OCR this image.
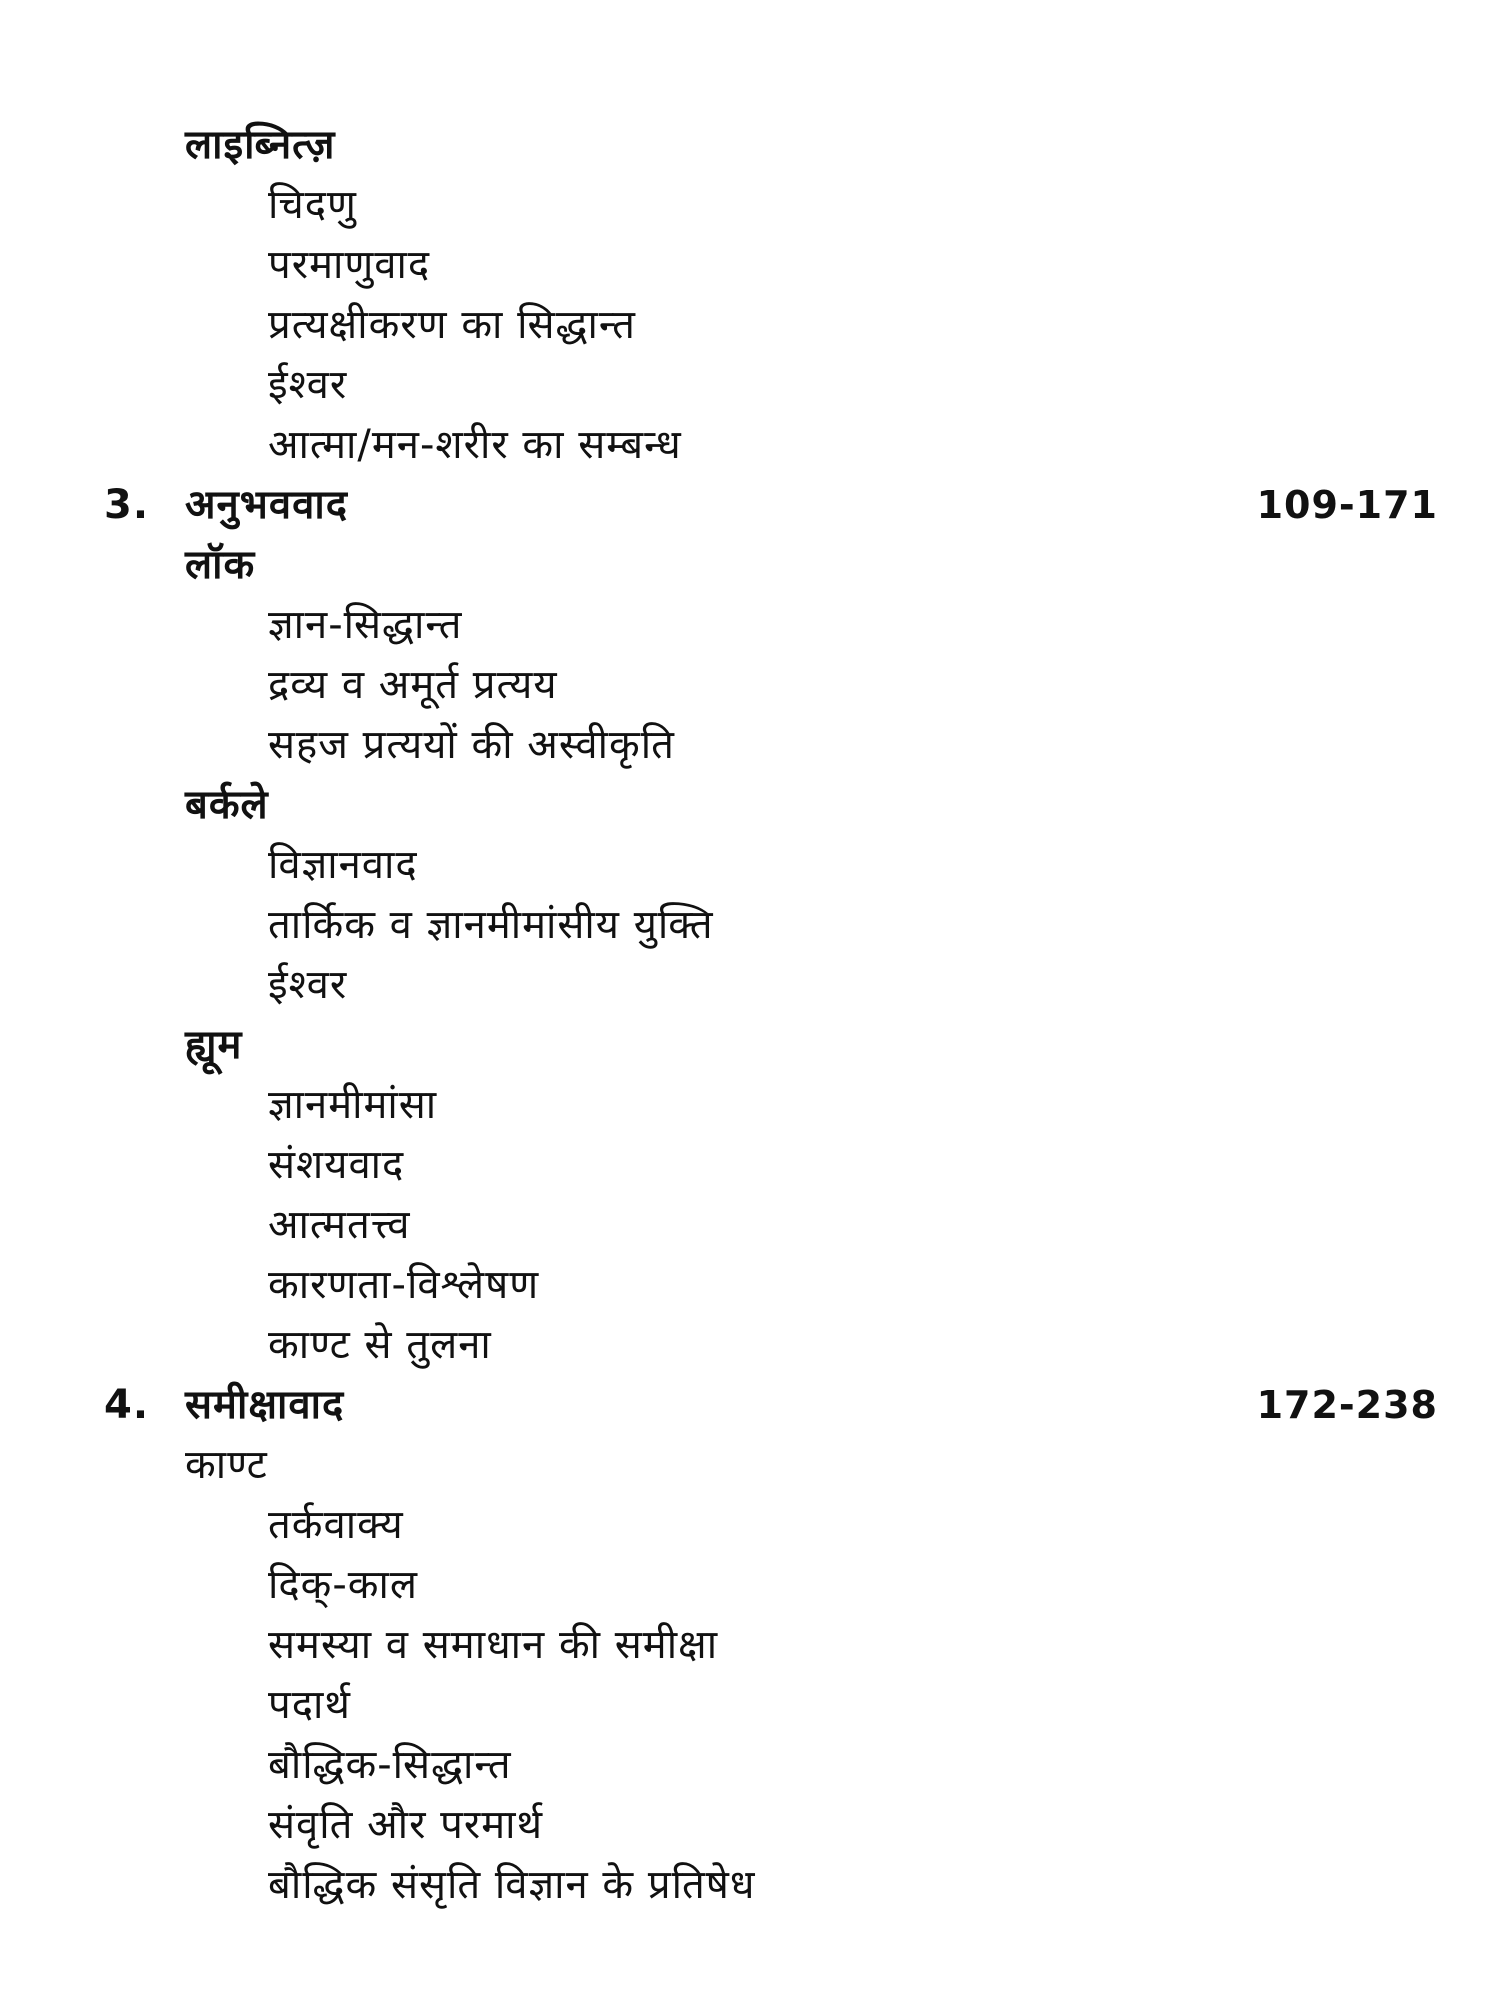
लाइब्नित्ज़
चिदणु
परमाणुवाद
प्रत्यक्षीकरण का सिद्धान्त
ईश्वर
आत्मा/मन-शरीर का सम्बन्ध
3. अनुभववाद	109-171
लॉक
ज्ञान-सिद्धान्त
द्रव्य व अमूर्त प्रत्यय
सहज प्रत्ययों की अस्वीकृति
बर्कले
विज्ञानवाद
तार्किक व ज्ञानमीमांसीय युक्ति
ईश्वर
ह्यूम
ज्ञानमीमांसा
संशयवाद
आत्मतत्त्व
कारणता-विश्लेषण
काण्ट से तुलना
4. समीक्षावाद	172-238
काण्ट
तर्कवाक्य
दिक्-काल
समस्या व समाधान की समीक्षा
पदार्थ
बौद्धिक-सिद्धान्त
संवृति और परमार्थ
बौद्धिक संसृति विज्ञान के प्रतिषेध
